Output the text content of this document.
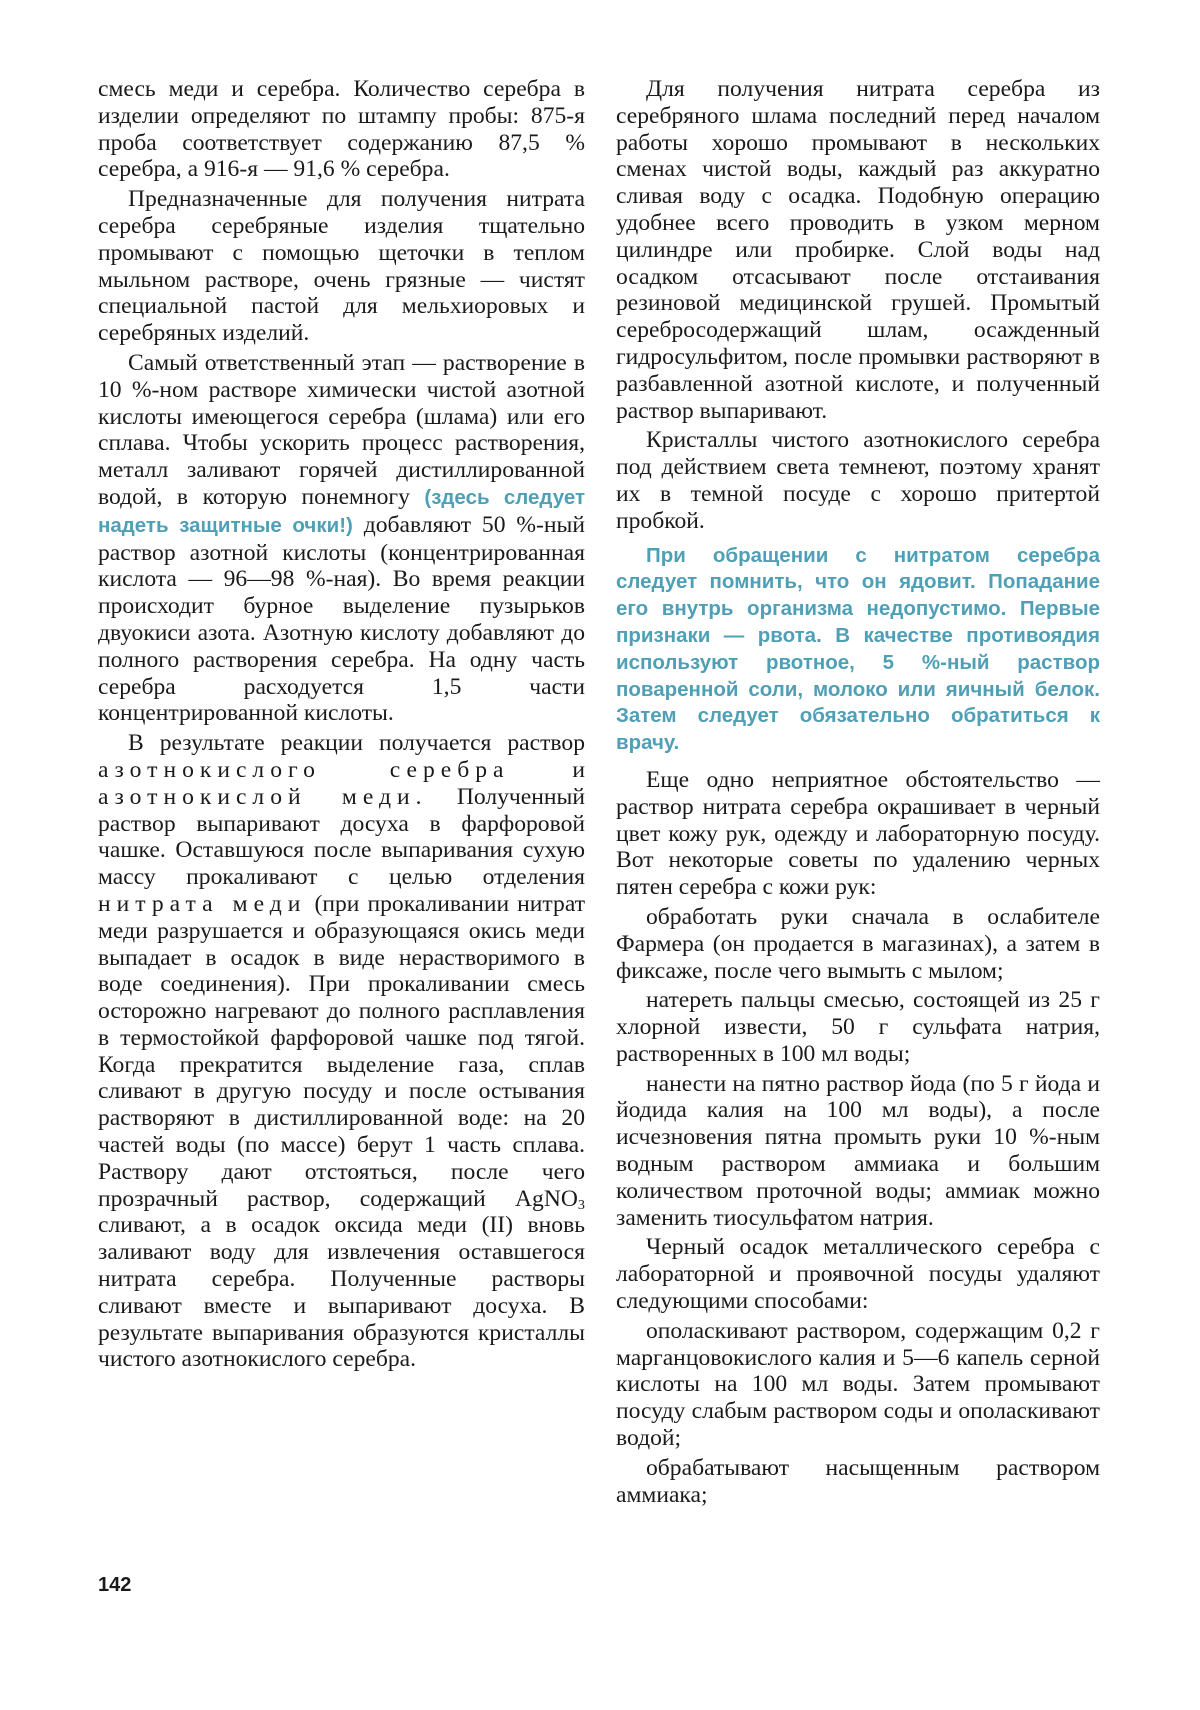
смесь меди и серебра. Количество серебра в изделии определяют по штампу пробы: 875-я проба соответствует содержанию 87,5 % серебра, а 916-я — 91,6 % серебра.

Предназначенные для получения нитрата серебра серебряные изделия тщательно промывают с помощью щеточки в теплом мыльном растворе, очень грязные — чистят специальной пастой для мельхиоровых и серебряных изделий.

Самый ответственный этап — растворение в 10 %-ном растворе химически чистой азотной кислоты имеющегося серебра (шлама) или его сплава. Чтобы ускорить процесс растворения, металл заливают горячей дистиллированной водой, в которую понемногу (здесь следует надеть защитные очки!) добавляют 50 %-ный раствор азотной кислоты (концентрированная кислота — 96—98 %-ная). Во время реакции происходит бурное выделение пузырьков двуокиси азота. Азотную кислоту добавляют до полного растворения серебра. На одну часть серебра расходуется 1,5 части концентрированной кислоты.

В результате реакции получается раствор азотнокислого серебра	и азотнокислой меди. Полученный раствор выпаривают досуха в фарфоровой чашке. Оставшуюся после выпаривания сухую массу прокаливают с целью отделения нитрата меди (при прокаливании нитрат меди разрушается и образующаяся окись меди выпадает в осадок в виде нерастворимого в воде соединения). При прокаливании смесь осторожно нагревают до полного расплавления в термостойкой фарфоровой чашке под тягой. Когда прекратится выделение газа, сплав сливают в другую посуду и после остывания растворяют в дистиллированной воде: на 20 частей воды (по массе) берут 1 часть сплава. Раствору дают отстояться, после чего прозрачный раствор, содержащий AgNO$_3$ сливают, а в осадок оксида меди (II) вновь заливают воду для извлечения оставшегося нитрата серебра. Полученные растворы сливают вместе и выпаривают досуха. В результате выпаривания образуются кристаллы чистого азотнокислого серебра.

Для получения нитрата серебра из серебряного шлама последний перед началом работы хорошо промывают в нескольких сменах чистой воды, каждый раз аккуратно сливая воду с осадка. Подобную операцию удобнее всего проводить в узком мерном цилиндре или пробирке. Слой воды над осадком отсасывают после отстаивания резиновой медицинской грушей. Промытый серебросодержащий шлам, осажденный гидросульфитом, после промывки растворяют в разбавленной азотной кислоте, и полученный раствор выпаривают.

Кристаллы чистого азотнокислого серебра под действием света темнеют, поэтому хранят их в темной посуде с хорошо притертой пробкой.

При обращении с нитратом серебра следует помнить, что он ядовит. Попадание его внутрь организма недопустимо. Первые признаки — рвота. В качестве противоядия используют рвотное, 5 %-ный раствор поваренной соли, молоко или яичный белок. Затем следует обязательно обратиться к врачу.

Еще одно неприятное обстоятельство — раствор нитрата серебра окрашивает в черный цвет кожу рук, одежду и лабораторную посуду. Вот некоторые советы по удалению черных пятен серебра с кожи рук:

обработать руки сначала в ослабителе Фармера (он продается в магазинах), а затем в фиксаже, после чего вымыть с мылом;

натереть пальцы смесью, состоящей из 25 г хлорной извести, 50 г сульфата натрия, растворенных в 100 мл воды;

нанести на пятно раствор йода (по 5 г йода и йодида калия на 100 мл воды), а после исчезновения пятна промыть руки 10 %-ным водным раствором аммиака и большим количеством проточной воды; аммиак можно заменить тиосульфатом натрия.

Черный осадок металлического серебра с лабораторной и проявочной посуды удаляют следующими способами:

ополаскивают раствором, содержащим 0,2 г марганцовокислого калия и 5—6 капель серной кислоты на 100 мл воды. Затем промывают посуду слабым раствором соды и ополаскивают водой;

обрабатывают насыщенным раствором аммиака;

142
